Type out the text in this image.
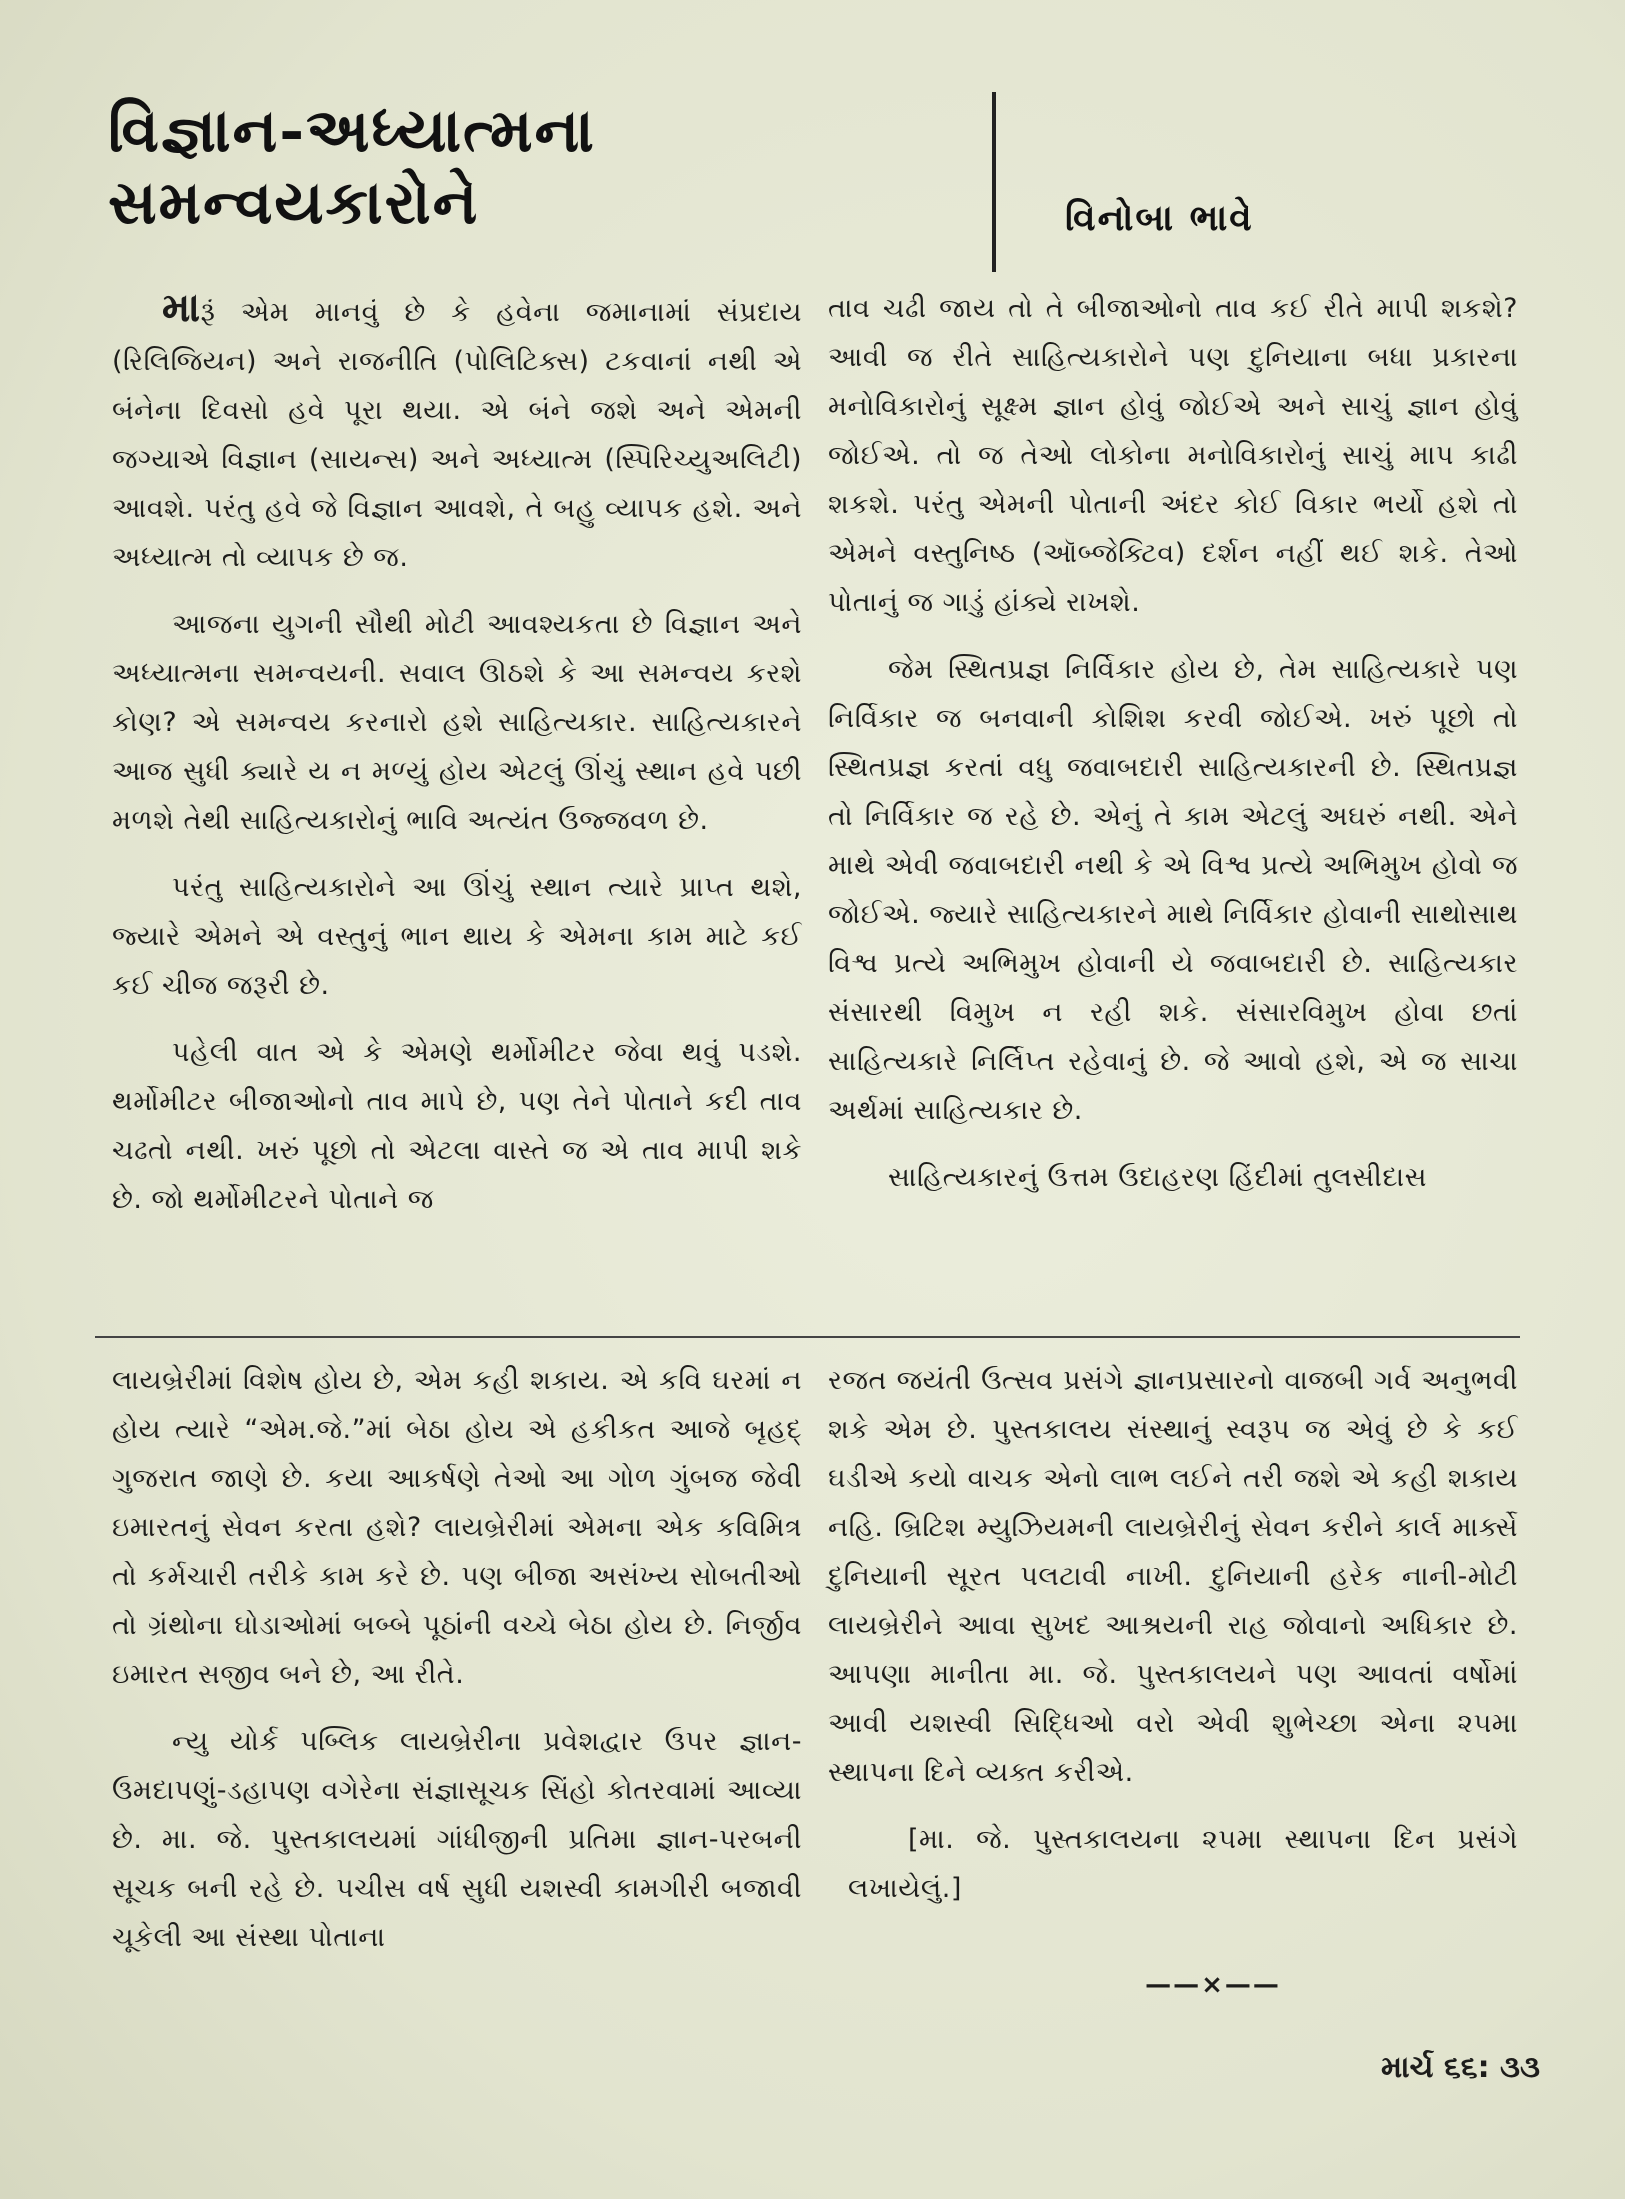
વિજ્ઞાન-અધ્યાત્મના સમન્વયકારોને	વિનોબા ભાવે

મારૂં એમ માનવું છે કે હવેના જમાનામાં સંપ્રદાય (રિલિજિયન) અને રાજનીતિ (પોલિટિક્સ) ટકવાનાં નથી એ બંનેના દિવસો હવે પૂરા થયા. એ બંને જશે અને એમની જગ્યાએ વિજ્ઞાન (સાયન્સ) અને અધ્યાત્મ (સ્પિરિચ્યુઅલિટી) આવશે. પરંતુ હવે જે વિજ્ઞાન આવશે, તે બહુ વ્યાપક હશે. અને અધ્યાત્મ તો વ્યાપક છે જ.

આજના યુગની સૌથી મોટી આવશ્યકતા છે વિજ્ઞાન અને અધ્યાત્મના સમન્વયની. સવાલ ઊઠશે કે આ સમન્વય કરશે કોણ? એ સમન્વય કરનારો હશે સાહિત્યકાર. સાહિત્યકારને આજ સુધી ક્યારે ય ન મળ્યું હોય એટલું ઊંચું સ્થાન હવે પછી મળશે તેથી સાહિત્યકારોનું ભાવિ અત્યંત ઉજ્જવળ છે.

પરંતુ સાહિત્યકારોને આ ઊંચું સ્થાન ત્યારે પ્રાપ્ત થશે, જ્યારે એમને એ વસ્તુનું ભાન થાય કે એમના કામ માટે કઈ કઈ ચીજ જરૂરી છે.

પહેલી વાત એ કે એમણે થર્મોમીટર જેવા થવું પડશે. થર્મોમીટર બીજાઓનો તાવ માપે છે, પણ તેને પોતાને કદી તાવ ચઢતો નથી. ખરું પૂછો તો એટલા વાસ્તે જ એ તાવ માપી શકે છે. જો થર્મોમીટરને પોતાને જ

તાવ ચઢી જાય તો તે બીજાઓનો તાવ કઈ રીતે માપી શકશે? આવી જ રીતે સાહિત્યકારોને પણ દુનિયાના બધા પ્રકારના મનોવિકારોનું સૂક્ષ્મ જ્ઞાન હોવું જોઈએ અને સાચું જ્ઞાન હોવું જોઈએ. તો જ તેઓ લોકોના મનોવિકારોનું સાચું માપ કાઢી શકશે. પરંતુ એમની પોતાની અંદર કોઈ વિકાર ભર્યો હશે તો એમને વસ્તુનિષ્ઠ (ઑબ્જેક્ટિવ) દર્શન નહીં થઈ શકે. તેઓ પોતાનું જ ગાડું હાંક્યે રાખશે.

જેમ સ્થિતપ્રજ્ઞ નિર્વિકાર હોય છે, તેમ સાહિત્યકારે પણ નિર્વિકાર જ બનવાની કોશિશ કરવી જોઈએ. ખરું પૂછો તો સ્થિતપ્રજ્ઞ કરતાં વધુ જવાબદારી સાહિત્યકારની છે. સ્થિતપ્રજ્ઞ તો નિર્વિકાર જ રહે છે. એનું તે કામ એટલું અઘરું નથી. એને માથે એવી જવાબદારી નથી કે એ વિશ્વ પ્રત્યે અભિમુખ હોવો જ જોઈએ. જ્યારે સાહિત્યકારને માથે નિર્વિકાર હોવાની સાથોસાથ વિશ્વ પ્રત્યે અભિમુખ હોવાની યે જવાબદારી છે. સાહિત્યકાર સંસારથી વિમુખ ન રહી શકે. સંસારવિમુખ હોવા છતાં સાહિત્યકારે નિર્લિપ્ત રહેવાનું છે. જે આવો હશે, એ જ સાચા અર્થમાં સાહિત્યકાર છે.

સાહિત્યકારનું ઉત્તમ ઉદાહરણ હિંદીમાં તુલસીદાસ

લાયબ્રેરીમાં વિશેષ હોય છે, એમ કહી શકાય. એ કવિ ઘરમાં ન હોય ત્યારે “એમ.જે.”માં બેઠા હોય એ હકીકત આજે બૃહદ્ ગુજરાત જાણે છે. કયા આકર્ષણે તેઓ આ ગોળ ગુંબજ જેવી ઇમારતનું સેવન કરતા હશે? લાયબ્રેરીમાં એમના એક કવિમિત્ર તો કર્મચારી તરીકે કામ કરે છે. પણ બીજા અસંખ્ય સોબતીઓ તો ગ્રંથોના ઘોડાઓમાં બબ્બે પૂઠાંની વચ્ચે બેઠા હોય છે. નિર્જીવ ઇમારત સજીવ બને છે, આ રીતે.

ન્યુ યોર્ક પબ્લિક લાયબ્રેરીના પ્રવેશદ્વાર ઉપર જ્ઞાન-ઉમદાપણું-ડહાપણ વગેરેના સંજ્ઞાસૂચક સિંહો કોતરવામાં આવ્યા છે. મા. જે. પુસ્તકાલયમાં ગાંધીજીની પ્રતિમા જ્ઞાન-પરબની સૂચક બની રહે છે. પચીસ વર્ષ સુધી યશસ્વી કામગીરી બજાવી ચૂકેલી આ સંસ્થા પોતાના

રજત જયંતી ઉત્સવ પ્રસંગે જ્ઞાનપ્રસારનો વાજબી ગર્વ અનુભવી શકે એમ છે. પુસ્તકાલય સંસ્થાનું સ્વરૂપ જ એવું છે કે કઈ ઘડીએ કયો વાચક એનો લાભ લઈને તરી જશે એ કહી શકાય નહિ. બ્રિટિશ મ્યુઝિયમની લાયબ્રેરીનું સેવન કરીને કાર્લ માર્ક્સે દુનિયાની સૂરત પલટાવી નાખી. દુનિયાની હરેક નાની-મોટી લાયબ્રેરીને આવા સુખદ આશ્રયની રાહ જોવાનો અધિકાર છે. આપણા માનીતા મા. જે. પુસ્તકાલયને પણ આવતાં વર્ષોમાં આવી યશસ્વી સિદ્ધિઓ વરો એવી શુભેચ્છા એના ૨૫મા સ્થાપના દિને વ્યક્ત કરીએ.

[મા. જે. પુસ્તકાલયના ૨૫મા સ્થાપના દિન પ્રસંગે લખાયેલું.]

——×——
માર્ચ ૬૬: ૩૩
